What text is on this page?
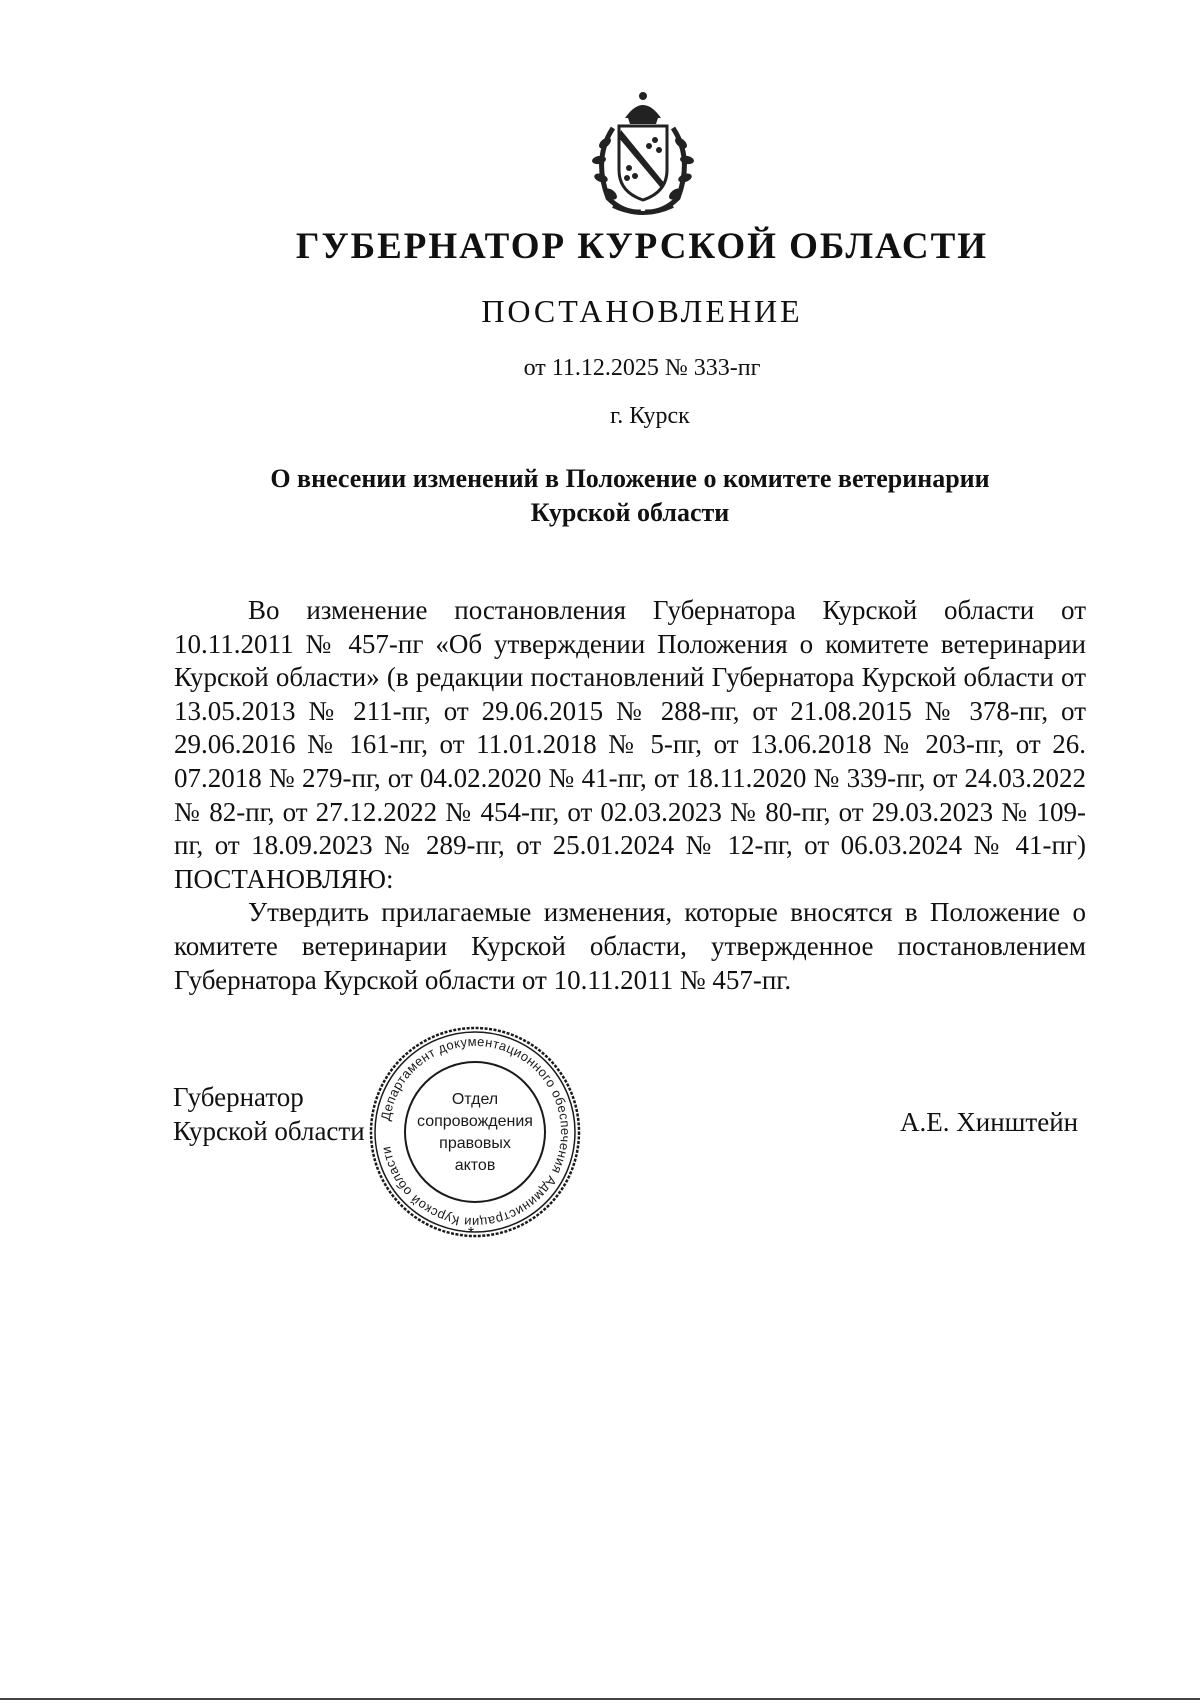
ГУБЕРНАТОР КУРСКОЙ ОБЛАСТИ
ПОСТАНОВЛЕНИЕ
от 11.12.2025 № 333-пг
г. Курск
О внесении изменений в Положение о комитете ветеринарии
Курской области

Во изменение постановления Губернатора Курской области от 10.11.2011 № 457-пг «Об утверждении Положения о комитете ветеринарии Курской области» (в редакции постановлений Губернатора Курской области от 13.05.2013 № 211-пг, от 29.06.2015 № 288-пг, от 21.08.2015 № 378-пг, от 29.06.2016 № 161-пг, от 11.01.2018 № 5-пг, от 13.06.2018 № 203-пг, от 26. 07.2018 № 279-пг, от 04.02.2020 № 41-пг, от 18.11.2020 № 339-пг, от 24.03.2022 № 82-пг, от 27.12.2022 № 454-пг, от 02.03.2023 № 80-пг, от 29.03.2023 № 109-пг, от 18.09.2023 № 289-пг, от 25.01.2024 № 12-пг, от 06.03.2024 № 41-пг) ПОСТАНОВЛЯЮ:

Утвердить прилагаемые изменения, которые вносятся в Положение о комитете ветеринарии Курской области, утвержденное постановлением Губернатора Курской области от 10.11.2011 № 457-пг.

Губернатор
Курской области
Департамент документационного обеспечения Администрации Курской области
Отдел
сопровождения
правовых
актов
*
А.Е. Хинштейн
